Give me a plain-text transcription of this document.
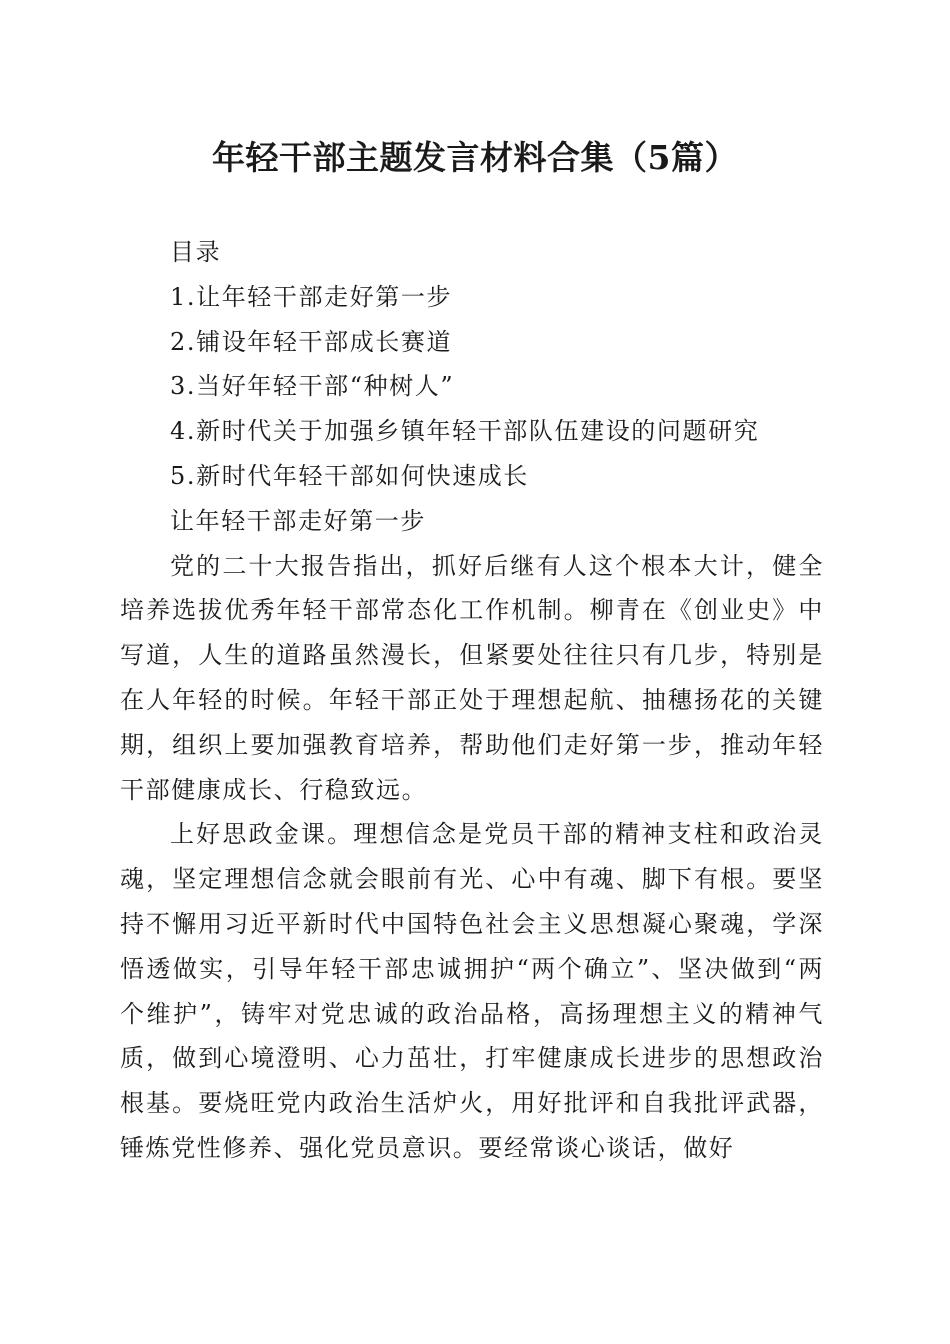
年轻干部主题发言材料合集（5篇）

目录

1.让年轻干部走好第一步

2.铺设年轻干部成长赛道

3.当好年轻干部“种树人”

4.新时代关于加强乡镇年轻干部队伍建设的问题研究

5.新时代年轻干部如何快速成长

让年轻干部走好第一步

党的二十大报告指出，抓好后继有人这个根本大计，健全培养选拔优秀年轻干部常态化工作机制。柳青在《创业史》中写道，人生的道路虽然漫长，但紧要处往往只有几步，特别是在人年轻的时候。年轻干部正处于理想起航、抽穗扬花的关键期，组织上要加强教育培养，帮助他们走好第一步，推动年轻干部健康成长、行稳致远。

上好思政金课。理想信念是党员干部的精神支柱和政治灵魂，坚定理想信念就会眼前有光、心中有魂、脚下有根。要坚持不懈用习近平新时代中国特色社会主义思想凝心聚魂，学深悟透做实，引导年轻干部忠诚拥护“两个确立”、坚决做到“两个维护”，铸牢对党忠诚的政治品格，高扬理想主义的精神气质，做到心境澄明、心力茁壮，打牢健康成长进步的思想政治根基。要烧旺党内政治生活炉火，用好批评和自我批评武器，锤炼党性修养、强化党员意识。要经常谈心谈话，做好
